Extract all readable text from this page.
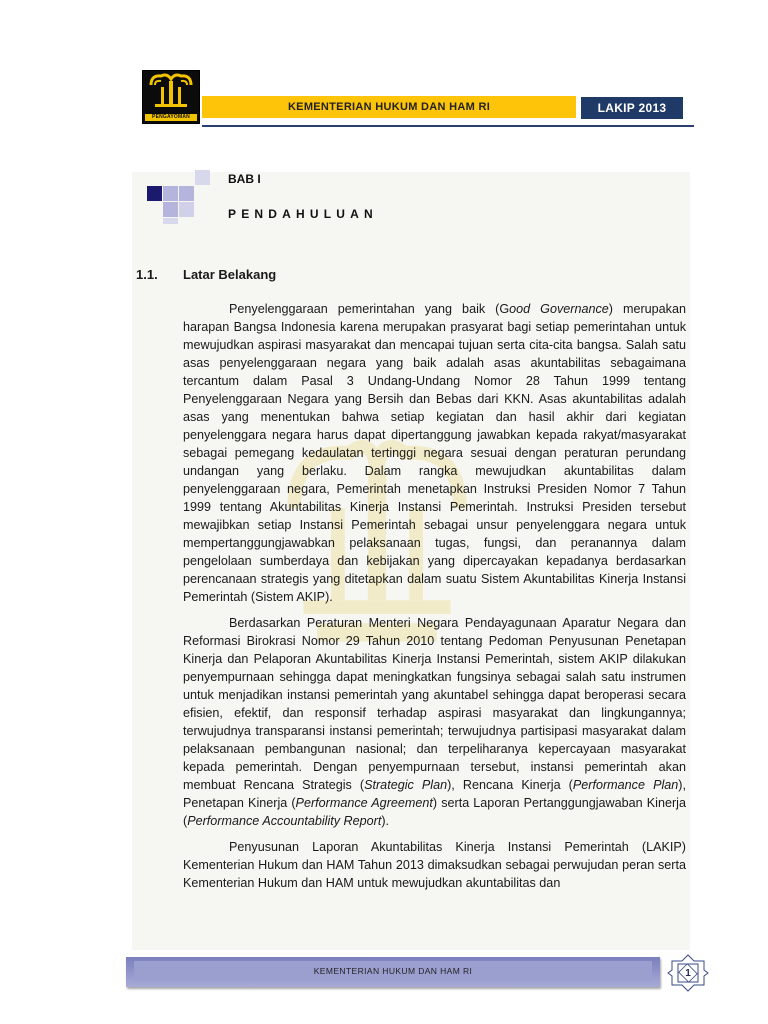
PENGAYOMAN
KEMENTERIAN HUKUM DAN HAM RI	LAKIP 2013
BAB I
PENDAHULUAN
1.1. Latar Belakang

Penyelenggaraan pemerintahan yang baik (Good Governance) merupakan harapan Bangsa Indonesia karena merupakan prasyarat bagi setiap pemerintahan untuk mewujudkan aspirasi masyarakat dan mencapai tujuan serta cita-cita bangsa. Salah satu asas penyelenggaraan negara yang baik adalah asas akuntabilitas sebagaimana tercantum dalam Pasal 3 Undang-Undang Nomor 28 Tahun 1999 tentang Penyelenggaraan Negara yang Bersih dan Bebas dari KKN. Asas akuntabilitas adalah asas yang menentukan bahwa setiap kegiatan dan hasil akhir dari kegiatan penyelenggara negara harus dapat dipertanggung jawabkan kepada rakyat/masyarakat sebagai pemegang kedaulatan tertinggi negara sesuai dengan peraturan perundang undangan yang berlaku. Dalam rangka mewujudkan akuntabilitas dalam penyelenggaraan negara, Pemerintah menetapkan Instruksi Presiden Nomor 7 Tahun 1999 tentang Akuntabilitas Kinerja Instansi Pemerintah. Instruksi Presiden tersebut mewajibkan setiap Instansi Pemerintah sebagai unsur penyelenggara negara untuk mempertanggungjawabkan pelaksanaan tugas, fungsi, dan peranannya dalam pengelolaan sumberdaya dan kebijakan yang dipercayakan kepadanya berdasarkan perencanaan strategis yang ditetapkan dalam suatu Sistem Akuntabilitas Kinerja Instansi Pemerintah (Sistem AKIP).

Berdasarkan Peraturan Menteri Negara Pendayagunaan Aparatur Negara dan Reformasi Birokrasi Nomor 29 Tahun 2010 tentang Pedoman Penyusunan Penetapan Kinerja dan Pelaporan Akuntabilitas Kinerja Instansi Pemerintah, sistem AKIP dilakukan penyempurnaan sehingga dapat meningkatkan fungsinya sebagai salah satu instrumen untuk menjadikan instansi pemerintah yang akuntabel sehingga dapat beroperasi secara efisien, efektif, dan responsif terhadap aspirasi masyarakat dan lingkungannya; terwujudnya transparansi instansi pemerintah; terwujudnya partisipasi masyarakat dalam pelaksanaan pembangunan nasional; dan terpeliharanya kepercayaan masyarakat kepada pemerintah. Dengan penyempurnaan tersebut, instansi pemerintah akan membuat Rencana Strategis (Strategic Plan), Rencana Kinerja (Performance Plan), Penetapan Kinerja (Performance Agreement) serta Laporan Pertanggungjawaban Kinerja (Performance Accountability Report).

Penyusunan Laporan Akuntabilitas Kinerja Instansi Pemerintah (LAKIP) Kementerian Hukum dan HAM Tahun 2013 dimaksudkan sebagai perwujudan peran serta Kementerian Hukum dan HAM untuk mewujudkan akuntabilitas dan

KEMENTERIAN HUKUM DAN HAM RI	1
